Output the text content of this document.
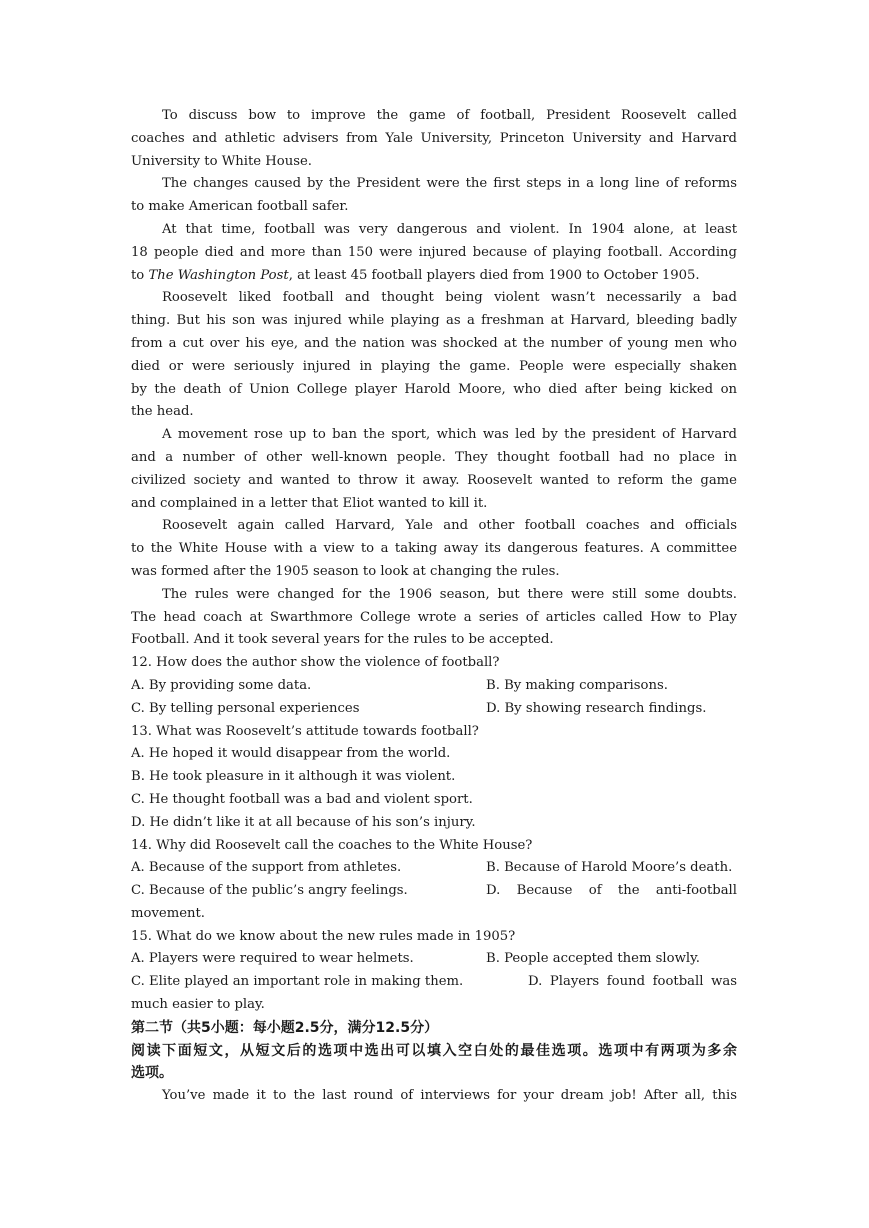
To discuss bow to improve the game of football, President Roosevelt called
coaches and athletic advisers from Yale University, Princeton University and Harvard
University to White House.
The changes caused by the President were the first steps in a long line of reforms
to make American football safer.
At that time, football was very dangerous and violent. In 1904 alone, at least
18 people died and more than 150 were injured because of playing football. According
to The Washington Post, at least 45 football players died from 1900 to October 1905.
Roosevelt liked football and thought being violent wasn’t necessarily a bad
thing. But his son was injured while playing as a freshman at Harvard, bleeding badly
from a cut over his eye, and the nation was shocked at the number of young men who
died or were seriously injured in playing the game. People were especially shaken
by the death of Union College player Harold Moore, who died after being kicked on
the head.
A movement rose up to ban the sport, which was led by the president of Harvard
and a number of other well-known people. They thought football had no place in
civilized society and wanted to throw it away. Roosevelt wanted to reform the game
and complained in a letter that Eliot wanted to kill it.
Roosevelt again called Harvard, Yale and other football coaches and officials
to the White House with a view to a taking away its dangerous features. A committee
was formed after the 1905 season to look at changing the rules.
The rules were changed for the 1906 season, but there were still some doubts.
The head coach at Swarthmore College wrote a series of articles called How to Play
Football. And it took several years for the rules to be accepted.
12. How does the author show the violence of football?
A. By providing some data.	B. By making comparisons.
C. By telling personal experiences	D. By showing research findings.
13. What was Roosevelt’s attitude towards football?
A. He hoped it would disappear from the world.
B. He took pleasure in it although it was violent.
C. He thought football was a bad and violent sport.
D. He didn’t like it at all because of his son’s injury.
14. Why did Roosevelt call the coaches to the White House?
A. Because of the support from athletes.	B. Because of Harold Moore’s death.
C. Because of the public’s angry feelings.	D. Because of the anti-football
movement.
15. What do we know about the new rules made in 1905?
A. Players were required to wear helmets.	B. People accepted them slowly.
C. Elite played an important role in making them.	D. Players found football was
much easier to play.
第二节（共5小题：每小题2.5分，满分12.5分）
阅读下面短文，从短文后的选项中选出可以填入空白处的最佳选项。选项中有两项为多余
选项。
You’ve made it to the last round of interviews for your dream job! After all, this
